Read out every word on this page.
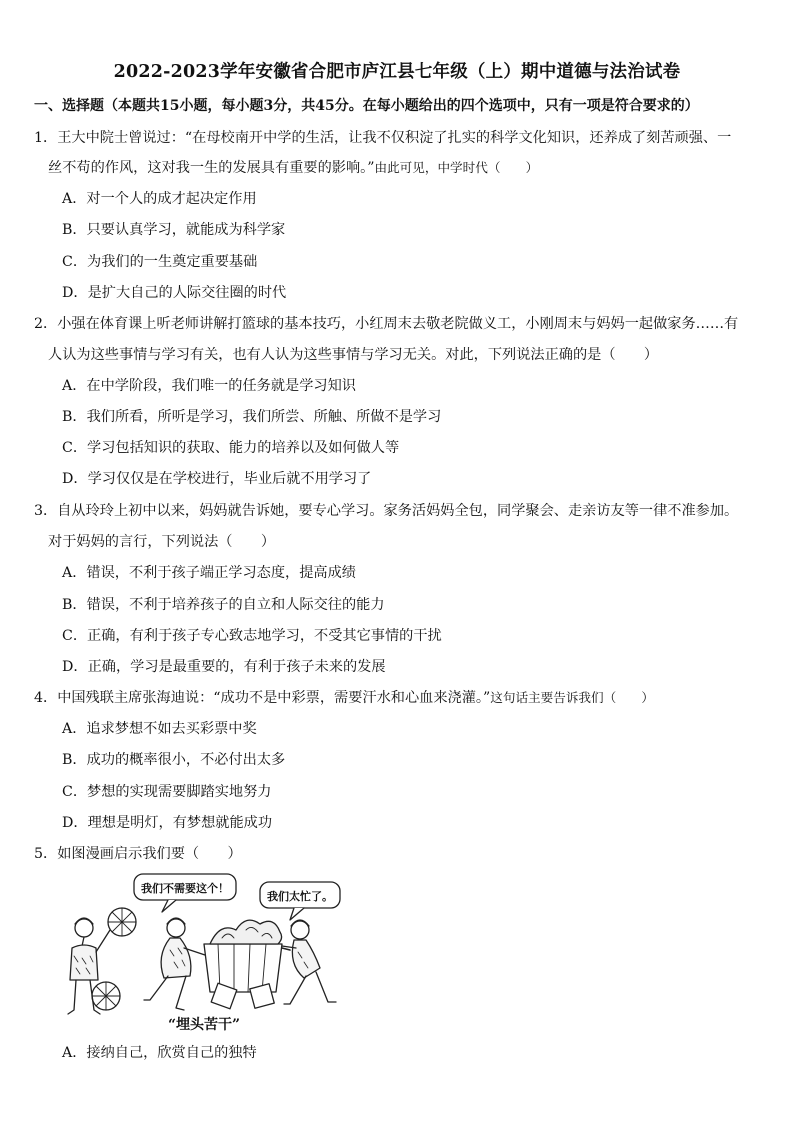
2022-2023学年安徽省合肥市庐江县七年级（上）期中道德与法治试卷
一、选择题（本题共15小题，每小题3分，共45分。在每小题给出的四个选项中，只有一项是符合要求的）
1．王大中院士曾说过：“在母校南开中学的生活，让我不仅积淀了扎实的科学文化知识，还养成了刻苦顽强、一
丝不苟的作风，这对我一生的发展具有重要的影响。”由此可见，中学时代（　　）
A．对一个人的成才起决定作用
B．只要认真学习，就能成为科学家
C．为我们的一生奠定重要基础
D．是扩大自己的人际交往圈的时代
2．小强在体育课上听老师讲解打篮球的基本技巧，小红周末去敬老院做义工，小刚周末与妈妈一起做家务……有
人认为这些事情与学习有关，也有人认为这些事情与学习无关。对此，下列说法正确的是（　　）
A．在中学阶段，我们唯一的任务就是学习知识
B．我们所看，所听是学习，我们所尝、所触、所做不是学习
C．学习包括知识的获取、能力的培养以及如何做人等
D．学习仅仅是在学校进行，毕业后就不用学习了
3．自从玲玲上初中以来，妈妈就告诉她，要专心学习。家务活妈妈全包，同学聚会、走亲访友等一律不准参加。
对于妈妈的言行，下列说法（　　）
A．错误，不利于孩子端正学习态度，提高成绩
B．错误，不利于培养孩子的自立和人际交往的能力
C．正确，有利于孩子专心致志地学习，不受其它事情的干扰
D．正确，学习是最重要的，有利于孩子未来的发展
4．中国残联主席张海迪说：“成功不是中彩票，需要汗水和心血来浇灌。”这句话主要告诉我们（　　）
A．追求梦想不如去买彩票中奖
B．成功的概率很小，不必付出太多
C．梦想的实现需要脚踏实地努力
D．理想是明灯，有梦想就能成功
5．如图漫画启示我们要（　　）
我们不需要这个！
我们太忙了。
“埋头苦干”
A．接纳自己，欣赏自己的独特
